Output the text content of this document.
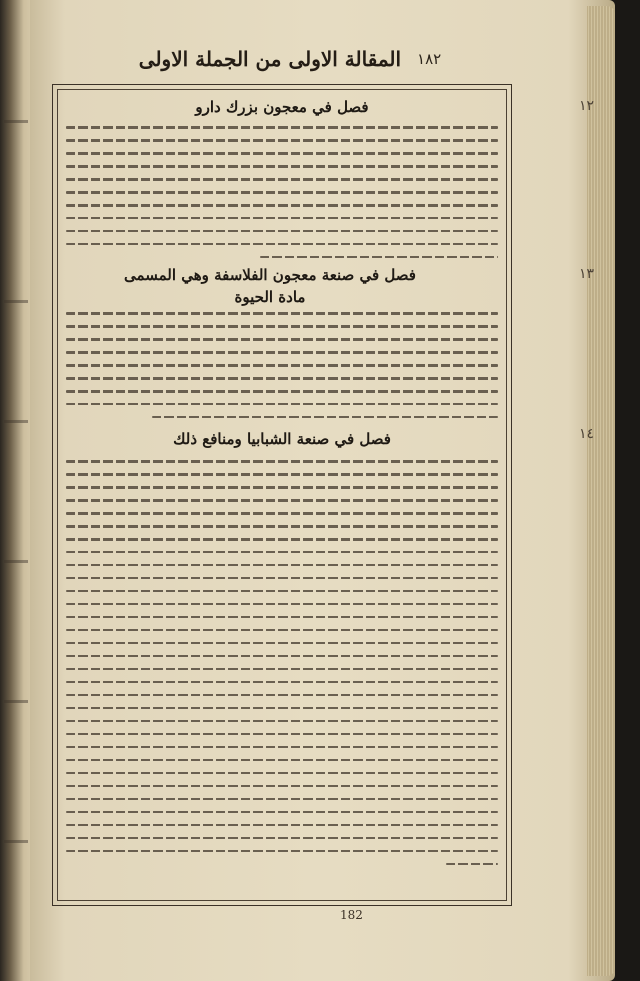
المقالة الاولى من الجملة الاولى ١٨٢
١٢
فصل في معجون بزرك دارو
١٣
فصل في صنعة معجون الفلاسفة وهي المسمى مادة الحيوة
١٤
فصل في صنعة الشبابيا ومنافع ذلك
182
